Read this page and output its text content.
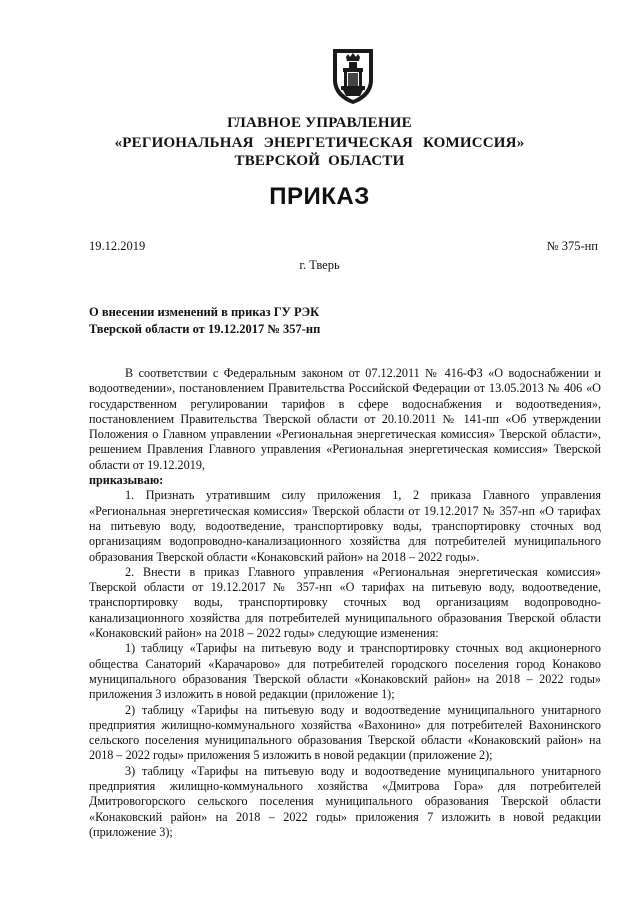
ГЛАВНОЕ УПРАВЛЕНИЕ
«РЕГИОНАЛЬНАЯ ЭНЕРГЕТИЧЕСКАЯ КОМИССИЯ»
ТВЕРСКОЙ ОБЛАСТИ
ПРИКАЗ
19.12.2019	№ 375-нп
г. Тверь
О внесении изменений в приказ ГУ РЭК
Тверской области от 19.12.2017 № 357-нп

В соответствии с Федеральным законом от 07.12.2011 № 416-ФЗ «О водоснабжении и водоотведении», постановлением Правительства Российской Федерации от 13.05.2013 № 406 «О государственном регулировании тарифов в сфере водоснабжения и водоотведения», постановлением Правительства Тверской области от 20.10.2011 № 141-пп «Об утверждении Положения о Главном управлении «Региональная энергетическая комиссия» Тверской области», решением Правления Главного управления «Региональная энергетическая комиссия» Тверской области от 19.12.2019,

приказываю:

1. Признать утратившим силу приложения 1, 2 приказа Главного управления «Региональная энергетическая комиссия» Тверской области от 19.12.2017 № 357-нп «О тарифах на питьевую воду, водоотведение, транспортировку воды, транспортировку сточных вод организациям водопроводно-канализационного хозяйства для потребителей муниципального образования Тверской области «Конаковский район» на 2018 – 2022 годы».

2. Внести в приказ Главного управления «Региональная энергетическая комиссия» Тверской области от 19.12.2017 № 357-нп «О тарифах на питьевую воду, водоотведение, транспортировку воды, транспортировку сточных вод организациям водопроводно-канализационного хозяйства для потребителей муниципального образования Тверской области «Конаковский район» на 2018 – 2022 годы» следующие изменения:

1) таблицу «Тарифы на питьевую воду и транспортировку сточных вод акционерного общества Санаторий «Карачарово» для потребителей городского поселения город Конаково муниципального образования Тверской области «Конаковский район» на 2018 – 2022 годы» приложения 3 изложить в новой редакции (приложение 1);

2) таблицу «Тарифы на питьевую воду и водоотведение муниципального унитарного предприятия жилищно-коммунального хозяйства «Вахонино» для потребителей Вахонинского сельского поселения муниципального образования Тверской области «Конаковский район» на 2018 – 2022 годы» приложения 5 изложить в новой редакции (приложение 2);

3) таблицу «Тарифы на питьевую воду и водоотведение муниципального унитарного предприятия жилищно-коммунального хозяйства «Дмитрова Гора» для потребителей Дмитровогорского сельского поселения муниципального образования Тверской области «Конаковский район» на 2018 – 2022 годы» приложения 7 изложить в новой редакции (приложение 3);
